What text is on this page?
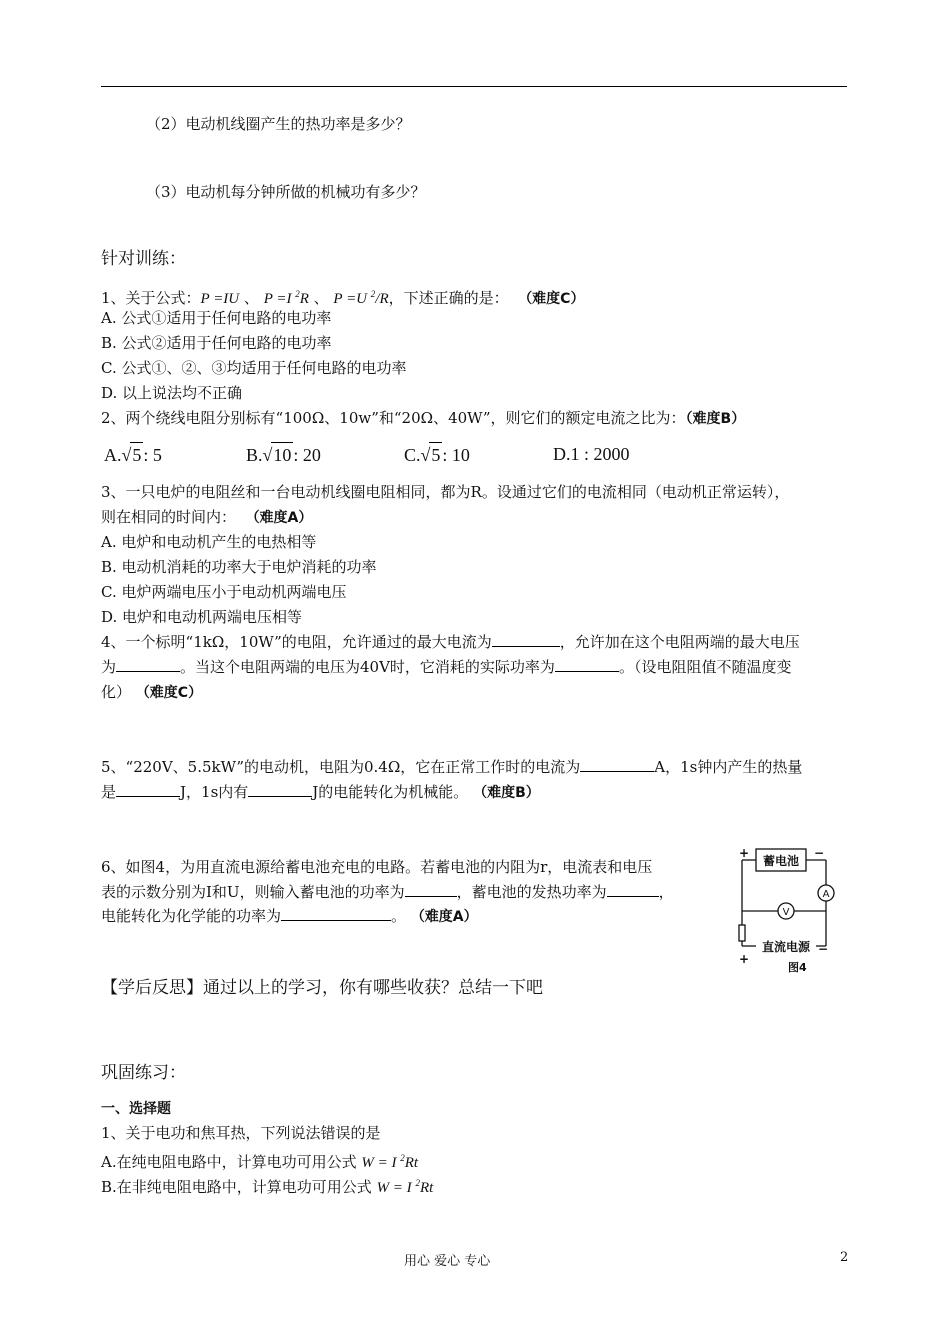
（2）电动机线圈产生的热功率是多少？
（3）电动机每分钟所做的机械功有多少？
针对训练：
1、关于公式：P =IU 、 P =I $^2$R 、 P =U $^2$/R，下述正确的是： （难度C）
A. 公式①适用于任何电路的电功率
B. 公式②适用于任何电路的电功率
C. 公式①、②、③均适用于任何电路的电功率
D. 以上说法均不正确
2、两个绕线电阻分别标有“100Ω、10w”和“20Ω、40W”，则它们的额定电流之比为：（难度B）
A.√5 : 5	B.√10 : 20	C.√5 : 10	D.1 : 2000
3、一只电炉的电阻丝和一台电动机线圈电阻相同，都为R。设通过它们的电流相同（电动机正常运转），
则在相同的时间内： （难度A）
A. 电炉和电动机产生的电热相等
B. 电动机消耗的功率大于电炉消耗的功率
C. 电炉两端电压小于电动机两端电压
D. 电炉和电动机两端电压相等
4、一个标明“1kΩ，10W”的电阻，允许通过的最大电流为	，允许加在这个电阻两端的最大电压
为	。当这个电阻两端的电压为40V时，它消耗的实际功率为	。（设电阻阻值不随温度变
化） （难度C）
5、“220V、5.5kW”的电动机，电阻为0.4Ω，它在正常工作时的电流为	A，1s钟内产生的热量
是	J，1s内有	J的电能转化为机械能。 （难度B）
6、如图4，为用直流电源给蓄电池充电的电路。若蓄电池的内阻为r，电流表和电压
表的示数分别为I和U，则输入蓄电池的功率为	，蓄电池的发热功率为	，
电能转化为化学能的功率为	。 （难度A）
+	−
蓄电池
A
V
直流电源
+
−
图4
【学后反思】通过以上的学习，你有哪些收获？总结一下吧
巩固练习：
一、选择题
1、关于电功和焦耳热，下列说法错误的是
A.在纯电阻电路中，计算电功可用公式 W = I $^2$Rt
B.在非纯电阻电路中，计算电功可用公式 W = I $^2$Rt
用心 爱心 专心	2
